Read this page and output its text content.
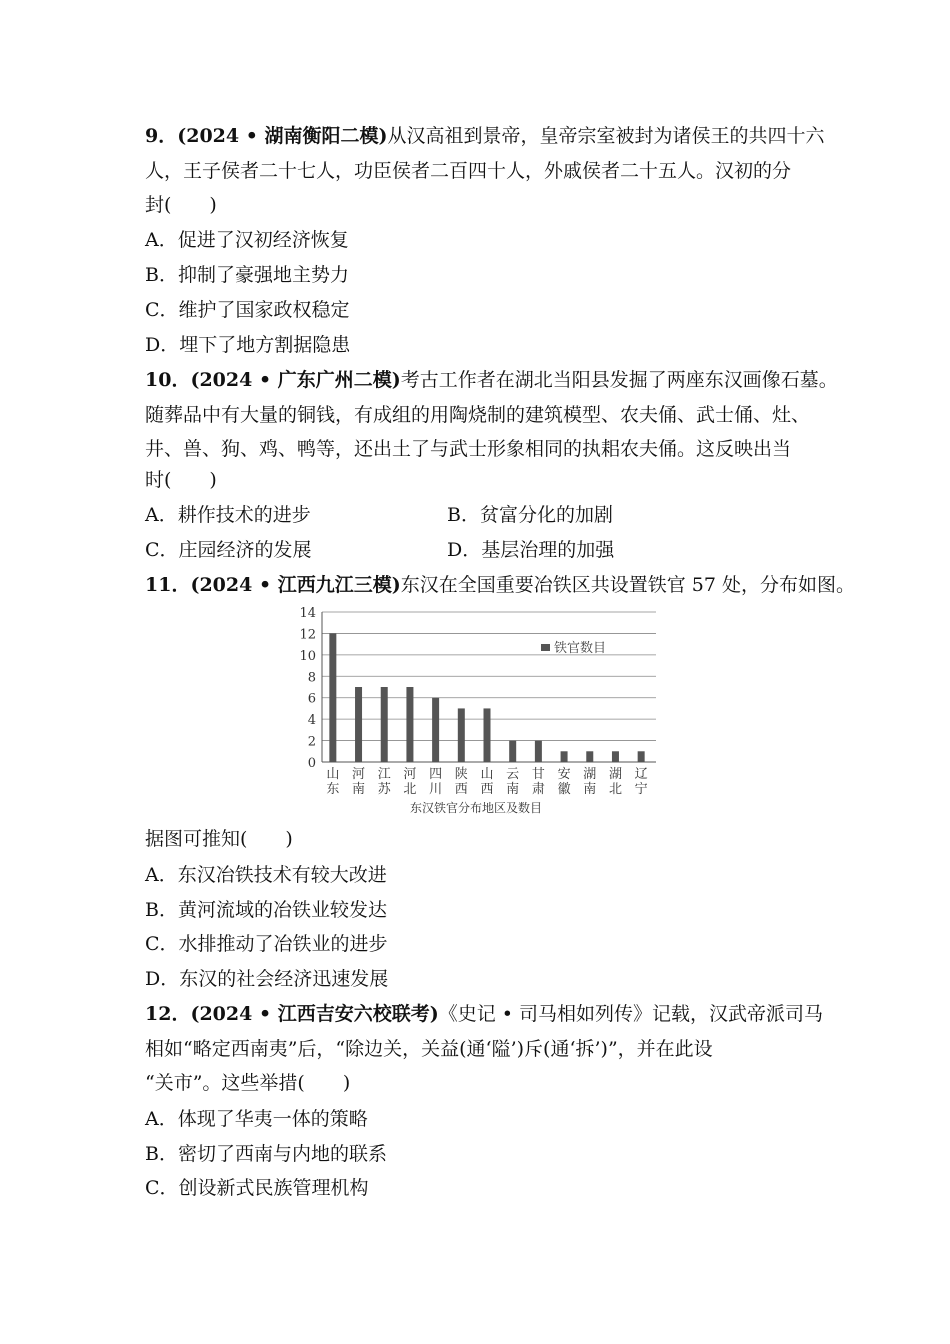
9．(2024 • 湖南衡阳二模)从汉高祖到景帝，皇帝宗室被封为诸侯王的共四十六
人，王子侯者二十七人，功臣侯者二百四十人，外戚侯者二十五人。汉初的分
封(　　)
A．促进了汉初经济恢复
B．抑制了豪强地主势力
C．维护了国家政权稳定
D．埋下了地方割据隐患
10．(2024 • 广东广州二模)考古工作者在湖北当阳县发掘了两座东汉画像石墓。
随葬品中有大量的铜钱，有成组的用陶烧制的建筑模型、农夫俑、武士俑、灶、
井、兽、狗、鸡、鸭等，还出土了与武士形象相同的执耜农夫俑。这反映出当
时(　　)
A．耕作技术的进步	B．贫富分化的加剧
C．庄园经济的发展	D．基层治理的加强
11．(2024 • 江西九江三模)东汉在全国重要冶铁区共设置铁官 57 处，分布如图。
0
2
4
6
8
10
12
14
山
东
河
南
江
苏
河
北
四
川
陕
西
山
西
云
南
甘
肃
安
徽
湖
南
湖
北
辽
宁
铁官数目
东汉铁官分布地区及数目
据图可推知(　　)
A．东汉冶铁技术有较大改进
B．黄河流域的冶铁业较发达
C．水排推动了冶铁业的进步
D．东汉的社会经济迅速发展
12．(2024 • 江西吉安六校联考)《史记 • 司马相如列传》记载，汉武帝派司马
相如“略定西南夷”后，“除边关，关益(通‘隘’)斥(通‘拆’)”，并在此设
“关市”。这些举措(　　)
A．体现了华夷一体的策略
B．密切了西南与内地的联系
C．创设新式民族管理机构
